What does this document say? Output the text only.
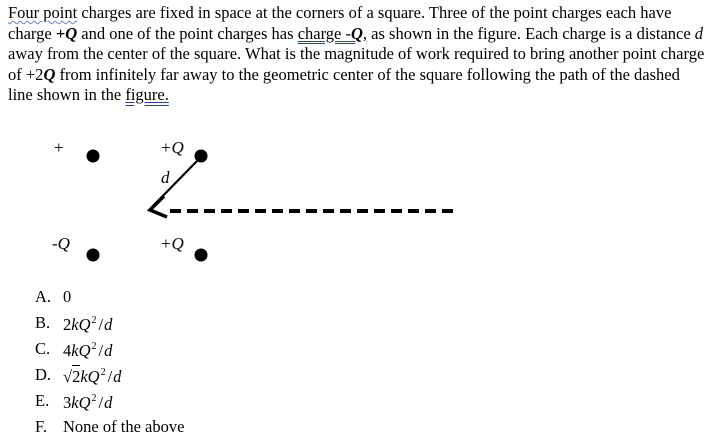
Four point charges are fixed in space at the corners of a square. Three of the point charges each have charge +Q and one of the point charges has charge -Q, as shown in the figure. Each charge is a distance d away from the center of the square. What is the magnitude of work required to bring another point charge of +2Q from infinitely far away to the geometric center of the square following the path of the dashed line shown in the figure.

+	+Q
d
-Q	+Q
A. 0
B. $2kQ^2$ /d
C. $4kQ^2$ /d
D. $√2kQ^2$ /d
E. $3kQ^2$ /d
F. None of the above
